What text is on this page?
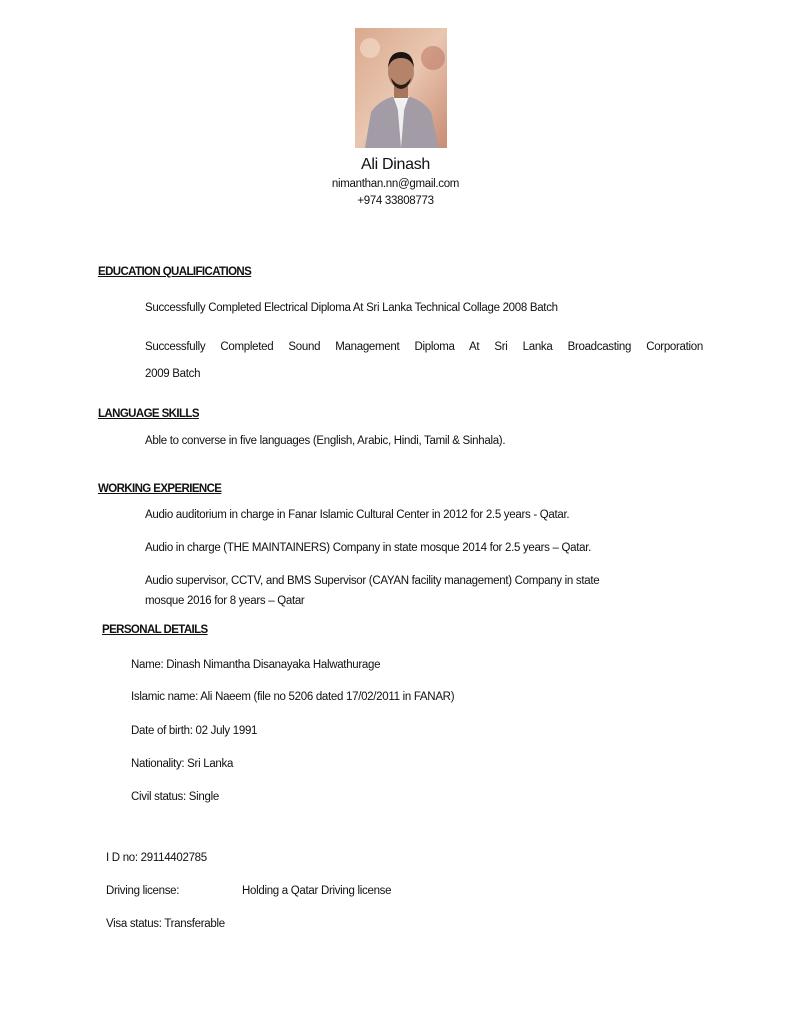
Ali Dinash
nimanthan.nn@gmail.com
+974 33808773
EDUCATION QUALIFICATIONS
Successfully Completed Electrical Diploma At Sri Lanka Technical Collage 2008 Batch
Successfully Completed Sound Management Diploma At Sri Lanka Broadcasting Corporation
2009 Batch
LANGUAGE SKILLS
Able to converse in five languages (English, Arabic, Hindi, Tamil & Sinhala).
WORKING EXPERIENCE
Audio auditorium in charge in Fanar Islamic Cultural Center in 2012 for 2.5 years - Qatar.
Audio in charge (THE MAINTAINERS) Company in state mosque 2014 for 2.5 years – Qatar.
Audio supervisor, CCTV, and BMS Supervisor (CAYAN facility management) Company in state
mosque 2016 for 8 years – Qatar
PERSONAL DETAILS
Name: Dinash Nimantha Disanayaka Halwathurage
Islamic name: Ali Naeem (file no 5206 dated 17/02/2011 in FANAR)
Date of birth: 02 July 1991
Nationality: Sri Lanka
Civil status: Single
I D no: 29114402785
Driving license:	Holding a Qatar Driving license
Visa status: Transferable
